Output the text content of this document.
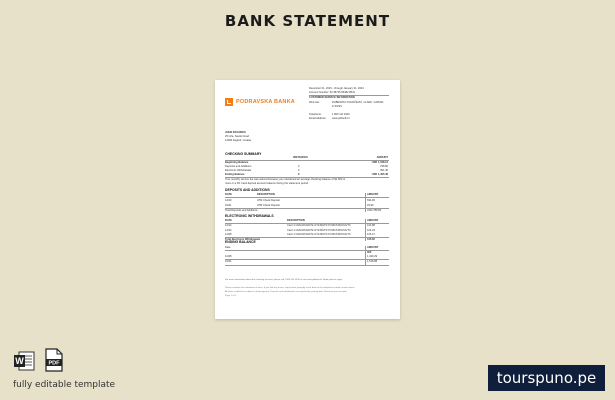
BANK STATEMENT
PODRAVSKA BANKA
December 01, 2023 - through January 31, 2024
Account Number: 62 38735 96482 8541
CUSTOMER SERVICE INFORMATION
Web site:	DUBRAVKO KOVAČEVIĆ, CLARK, CARINA
& SONS
Telephone:	1 800 111 0100
Email Address: www.pdbank.hr
JOHN DOLORES
25 Ivča, Savski Grad
12000 Zagreb, Croatia
CHECKING SUMMARY
INSTANCES	AMOUNT
Beginning Balance	USD 1,048.13
Deposits and Additions	3	798.80
Electronic Withdrawals	3	351.45
Ending Balance	6	USD 1,495.48
Your monthly service fee was waived because you maintained an average checking balance of $1,500 or
more or a Pd. bank deposit account balance during the statement period.
DEPOSITS AND ADDITIONS
DATE	DESCRIPTION	AMOUNT
12/20	ATM Check Deposit	694.90
01/21	ATM Check Deposit	93.90
Total Deposits and Additions	USD 788.80
ELECTRONIC WITHDRAWALS
DATE	DESCRIPTION	AMOUNT
12/14	Card 1 CHM-DKA0072-GTZ-BGTR PV-BC5-BOOAVTC	104.88
12/24	Card 1 CHM-DKA0072-GTZ-BGTR PV-BC5-BOOAVTC	104.33
12/28	Card 1 CHM-DKA0072-GTZ-BGTR PV-BC5-BOOAVTC	106.47
Total Electronic Withdrawals	315.65
ENDING BALANCE
Date	AMOUNT
300
12/28	1,429.29
01/31	1,518.88
For more information about the checking account, please call 1 800 111 0100 or visit www.pdbank.hr. Bank policies apply.
Please examine this statement at once. If you find any errors, report them promptly to the bank at the telephone number shown above.
All items credited are subject to final payment. Deposits and withdrawals are reported by posting date. Retain for your records.
Page 1 of 1
W	PDF
fully editable template	tourspuno.pe
